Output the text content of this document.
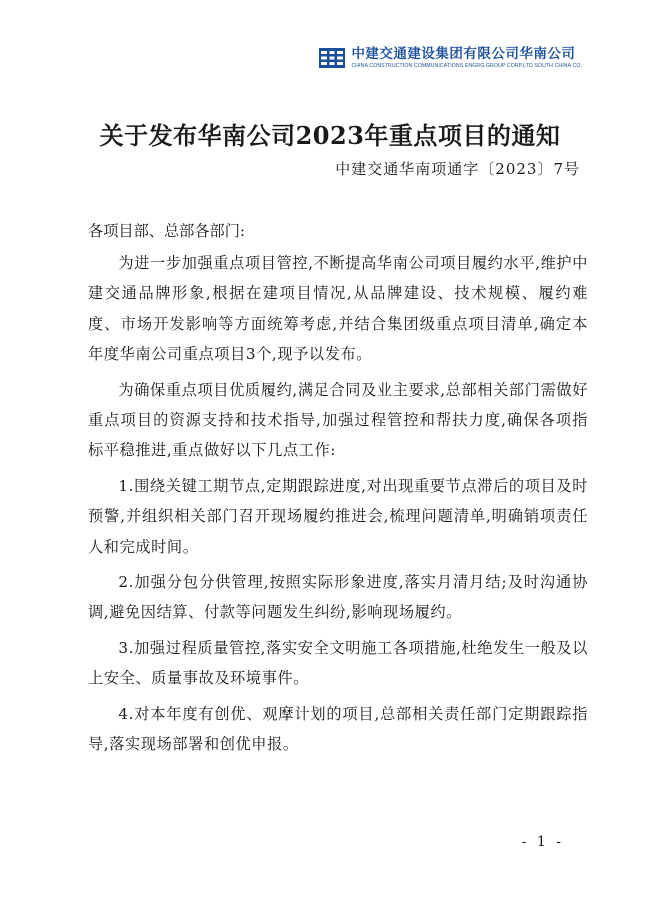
中建交通建设集团有限公司华南公司
CHINA CONSTRUCTION COMMUNICATIONS ENGRG.GROUP CORP.LTD SOUTH CHINA CO.
关于发布华南公司2023年重点项目的通知
中建交通华南项通字〔2023〕7号
各项目部、总部各部门:

为进一步加强重点项目管控,不断提高华南公司项目履约水平,维护中建交通品牌形象,根据在建项目情况,从品牌建设、技术规模、履约难度、市场开发影响等方面统筹考虑,并结合集团级重点项目清单,确定本年度华南公司重点项目3个,现予以发布。

为确保重点项目优质履约,满足合同及业主要求,总部相关部门需做好重点项目的资源支持和技术指导,加强过程管控和帮扶力度,确保各项指标平稳推进,重点做好以下几点工作:

1.围绕关键工期节点,定期跟踪进度,对出现重要节点滞后的项目及时预警,并组织相关部门召开现场履约推进会,梳理问题清单,明确销项责任人和完成时间。

2.加强分包分供管理,按照实际形象进度,落实月清月结;及时沟通协调,避免因结算、付款等问题发生纠纷,影响现场履约。

3.加强过程质量管控,落实安全文明施工各项措施,杜绝发生一般及以上安全、质量事故及环境事件。

4.对本年度有创优、观摩计划的项目,总部相关责任部门定期跟踪指导,落实现场部署和创优申报。

- 1 -
